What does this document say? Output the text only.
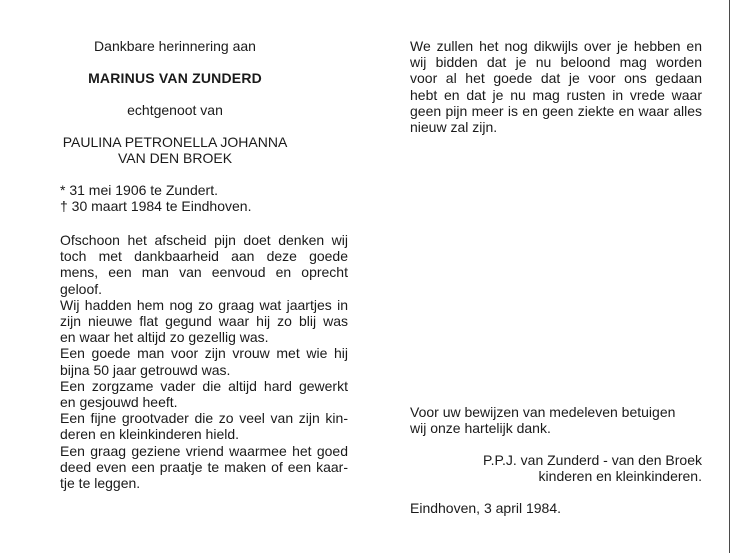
Dankbare herinnering aan
MARINUS VAN ZUNDERD
echtgenoot van
PAULINA PETRONELLA JOHANNA
VAN DEN BROEK
* 31 mei 1906 te Zundert.
† 30 maart 1984 te Eindhoven.
Ofschoon het afscheid pijn doet denken wij
toch met dankbaarheid aan deze goede
mens, een man van eenvoud en oprecht
geloof.
Wij hadden hem nog zo graag wat jaartjes in
zijn nieuwe flat gegund waar hij zo blij was
en waar het altijd zo gezellig was.
Een goede man voor zijn vrouw met wie hij
bijna 50 jaar getrouwd was.
Een zorgzame vader die altijd hard gewerkt
en gesjouwd heeft.
Een fijne grootvader die zo veel van zijn kin-
deren en kleinkinderen hield.
Een graag geziene vriend waarmee het goed
deed even een praatje te maken of een kaar-
tje te leggen.
We zullen het nog dikwijls over je hebben en
wij bidden dat je nu beloond mag worden
voor al het goede dat je voor ons gedaan
hebt en dat je nu mag rusten in vrede waar
geen pijn meer is en geen ziekte en waar alles
nieuw zal zijn.
Voor uw bewijzen van medeleven betuigen
wij onze hartelijk dank.
P.P.J. van Zunderd - van den Broek
kinderen en kleinkinderen.
Eindhoven, 3 april 1984.
